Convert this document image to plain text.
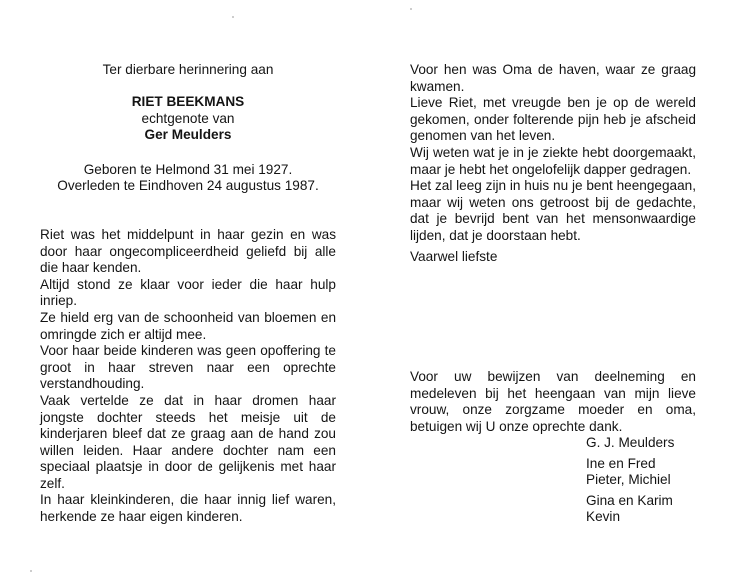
Ter dierbare herinnering aan
RIET BEEKMANS
echtgenote van
Ger Meulders
Geboren te Helmond 31 mei 1927.
Overleden te Eindhoven 24 augustus 1987.

Riet was het middelpunt in haar gezin en was door haar ongecompliceerdheid geliefd bij alle die haar kenden.

Altijd stond ze klaar voor ieder die haar hulp inriep.

Ze hield erg van de schoonheid van bloemen en omringde zich er altijd mee.

Voor haar beide kinderen was geen opoffering te groot in haar streven naar een oprechte verstandhouding.

Vaak vertelde ze dat in haar dromen haar jongste dochter steeds het meisje uit de kinderjaren bleef dat ze graag aan de hand zou willen leiden. Haar andere dochter nam een speciaal plaatsje in door de gelijkenis met haar zelf.

In haar kleinkinderen, die haar innig lief waren, herkende ze haar eigen kinderen.

Voor hen was Oma de haven, waar ze graag kwamen.

Lieve Riet, met vreugde ben je op de wereld gekomen, onder folterende pijn heb je afscheid genomen van het leven.

Wij weten wat je in je ziekte hebt doorgemaakt, maar je hebt het ongelofelijk dapper gedragen.

Het zal leeg zijn in huis nu je bent heengegaan, maar wij weten ons getroost bij de gedachte, dat je bevrijd bent van het mensonwaardige lijden, dat je doorstaan hebt.

Vaarwel liefste
Voor uw bewijzen van deelneming en medeleven bij het heengaan van mijn lieve vrouw, onze zorgzame moeder en oma, betuigen wij U onze oprechte dank.
G. J. Meulders
Ine en Fred
Pieter, Michiel
Gina en Karim
Kevin
